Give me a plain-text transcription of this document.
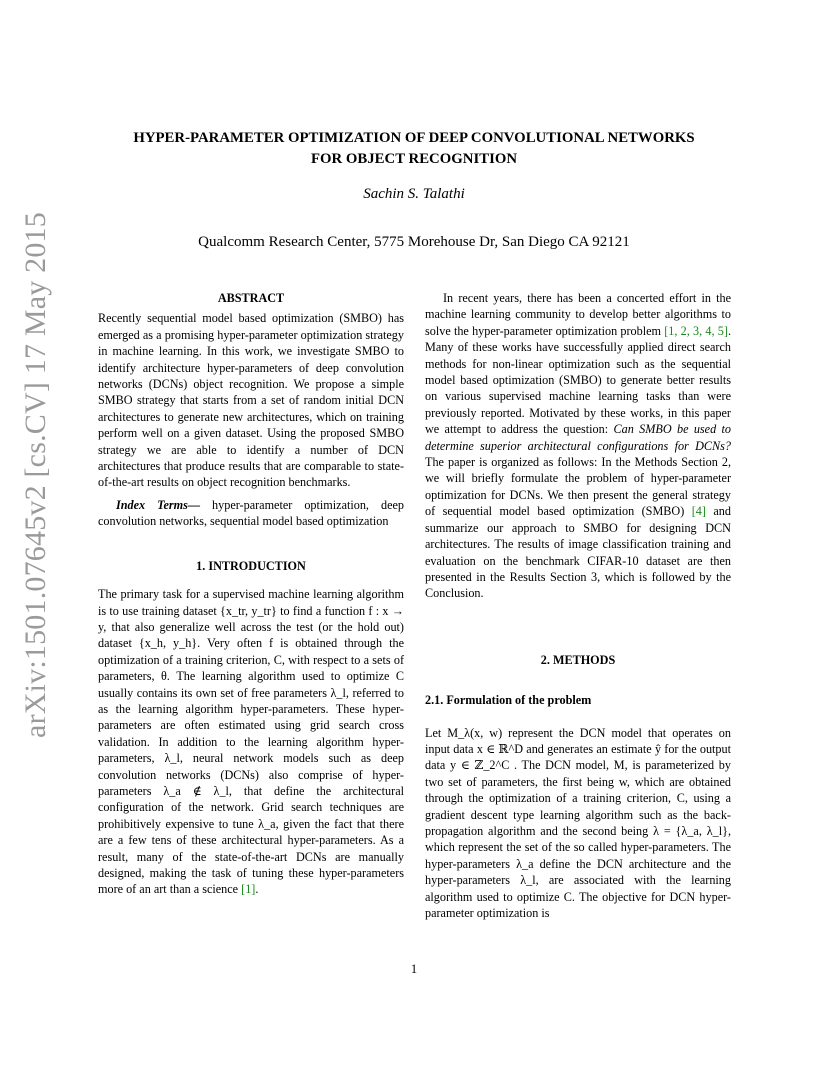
arXiv:1501.07645v2 [cs.CV] 17 May 2015
HYPER-PARAMETER OPTIMIZATION OF DEEP CONVOLUTIONAL NETWORKS
FOR OBJECT RECOGNITION
Sachin S. Talathi
Qualcomm Research Center, 5775 Morehouse Dr, San Diego CA 92121

ABSTRACT

Recently sequential model based optimization (SMBO) has emerged as a promising hyper-parameter optimization strategy in machine learning. In this work, we investigate SMBO to identify architecture hyper-parameters of deep convolution networks (DCNs) object recognition. We propose a simple SMBO strategy that starts from a set of random initial DCN architectures to generate new architectures, which on training perform well on a given dataset. Using the proposed SMBO strategy we are able to identify a number of DCN architectures that produce results that are comparable to state-of-the-art results on object recognition benchmarks.

Index Terms— hyper-parameter optimization, deep convolution networks, sequential model based optimization

1. INTRODUCTION

The primary task for a supervised machine learning algorithm is to use training dataset {x_tr, y_tr} to find a function f : x → y, that also generalize well across the test (or the hold out) dataset {x_h, y_h}. Very often f is obtained through the optimization of a training criterion, C, with respect to a sets of parameters, θ. The learning algorithm used to optimize C usually contains its own set of free parameters λ_l, referred to as the learning algorithm hyper-parameters. These hyper-parameters are often estimated using grid search cross validation. In addition to the learning algorithm hyper-parameters, λ_l, neural network models such as deep convolution networks (DCNs) also comprise of hyper-parameters λ_a ∉ λ_l, that define the architectural configuration of the network. Grid search techniques are prohibitively expensive to tune λ_a, given the fact that there are a few tens of these architectural hyper-parameters. As a result, many of the state-of-the-art DCNs are manually designed, making the task of tuning these hyper-parameters more of an art than a science [1].

In recent years, there has been a concerted effort in the machine learning community to develop better algorithms to solve the hyper-parameter optimization problem [1, 2, 3, 4, 5]. Many of these works have successfully applied direct search methods for non-linear optimization such as the sequential model based optimization (SMBO) to generate better results on various supervised machine learning tasks than were previously reported. Motivated by these works, in this paper we attempt to address the question: Can SMBO be used to determine superior architectural configurations for DCNs? The paper is organized as follows: In the Methods Section 2, we will briefly formulate the problem of hyper-parameter optimization for DCNs. We then present the general strategy of sequential model based optimization (SMBO) [4] and summarize our approach to SMBO for designing DCN architectures. The results of image classification training and evaluation on the benchmark CIFAR-10 dataset are then presented in the Results Section 3, which is followed by the Conclusion.

2. METHODS

2.1. Formulation of the problem

Let M_λ(x, w) represent the DCN model that operates on input data x ∈ ℝ^D and generates an estimate ŷ for the output data y ∈ ℤ_2^C . The DCN model, M, is parameterized by two set of parameters, the first being w, which are obtained through the optimization of a training criterion, C, using a gradient descent type learning algorithm such as the back-propagation algorithm and the second being λ = {λ_a, λ_l}, which represent the set of the so called hyper-parameters. The hyper-parameters λ_a define the DCN architecture and the hyper-parameters λ_l, are associated with the learning algorithm used to optimize C. The objective for DCN hyper-parameter optimization is

1
